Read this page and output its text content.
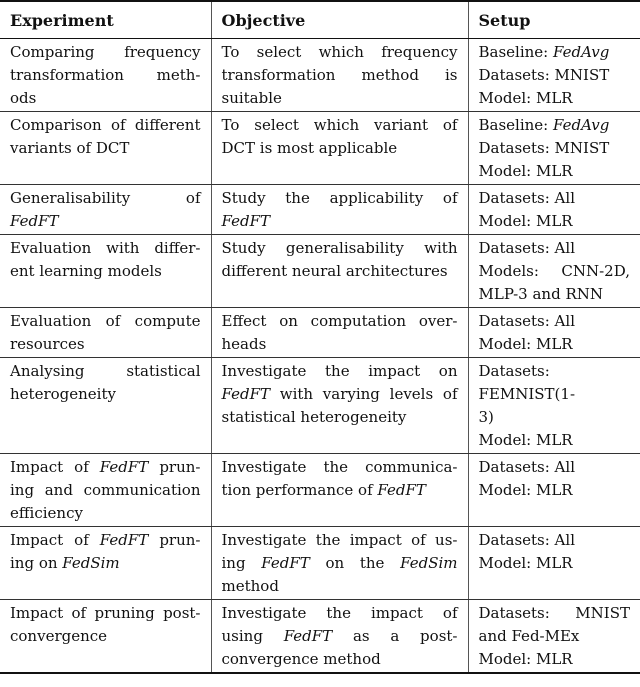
Experiment	Objective	Setup

Comparing frequency
transformation meth-
ods	To select which frequency
transformation method is
suitable	Baseline: FedAvg
Datasets: MNIST
Model: MLR

Comparison of different
variants of DCT	To select which variant of
DCT is most applicable	Baseline: FedAvg
Datasets: MNIST
Model: MLR

Generalisability of
FedFT	Study the applicability of
FedFT	Datasets: All
Model: MLR

Evaluation with differ-
ent learning models	Study generalisability with
different neural architectures	Datasets: All
Models: CNN-2D,
MLP-3 and RNN

Evaluation of compute
resources	Effect on computation over-
heads	Datasets: All
Model: MLR

Analysing statistical
heterogeneity	Investigate the impact on
FedFT with varying levels of
statistical heterogeneity	Datasets:
FEMNIST(1-
3)
Model: MLR

Impact of FedFT prun-
ing and communication
efficiency	Investigate the communica-
tion performance of FedFT	Datasets: All
Model: MLR

Impact of FedFT prun-
ing on FedSim	Investigate the impact of us-
ing FedFT on the FedSim
method	Datasets: All
Model: MLR

Impact of pruning post-
convergence	Investigate the impact of
using FedFT as a post-
convergence method	Datasets: MNIST
and Fed-MEx
Model: MLR
